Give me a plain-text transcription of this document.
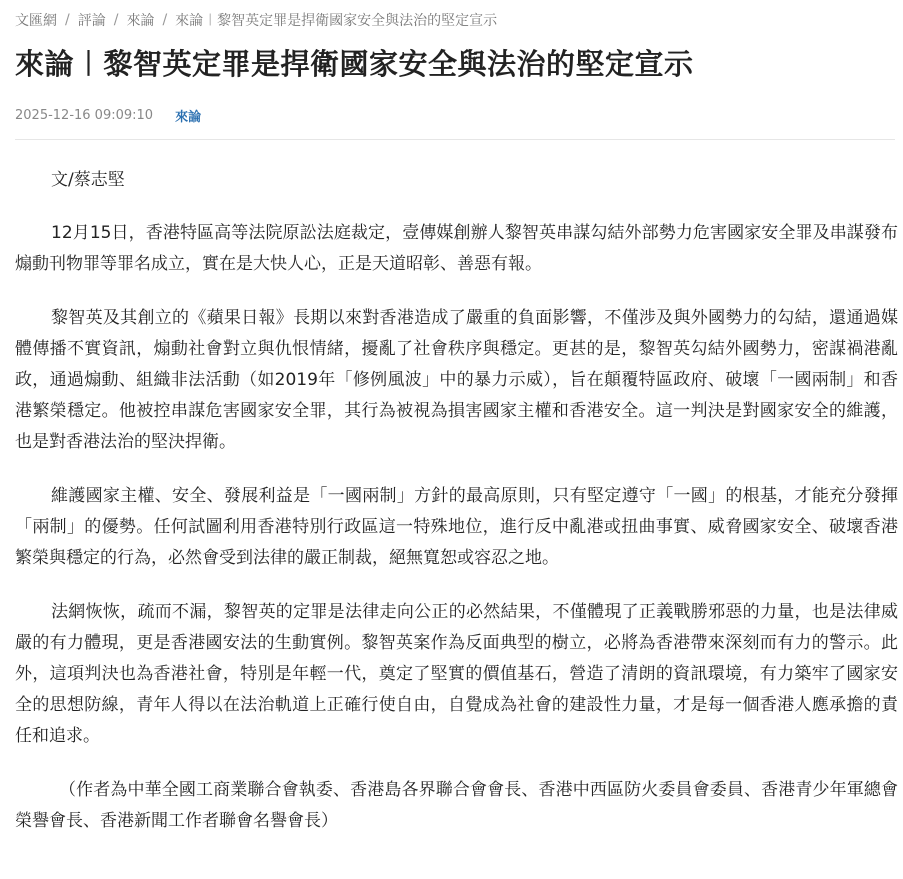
文匯網 / 評論 / 來論 / 來論︱黎智英定罪是捍衛國家安全與法治的堅定宣示
來論︱黎智英定罪是捍衛國家安全與法治的堅定宣示
2025-12-16 09:09:10 來論

文/蔡志堅

12月15日，香港特區高等法院原訟法庭裁定，壹傳媒創辦人黎智英串謀勾結外部勢力危害國家安全罪及串謀發布煽動刊物罪等罪名成立，實在是大快人心，正是天道昭彰、善惡有報。

黎智英及其創立的《蘋果日報》長期以來對香港造成了嚴重的負面影響，不僅涉及與外國勢力的勾結，還通過媒體傳播不實資訊，煽動社會對立與仇恨情緒，擾亂了社會秩序與穩定。更甚的是，黎智英勾結外國勢力，密謀禍港亂政，通過煽動、組織非法活動（如2019年「修例風波」中的暴力示威），旨在顛覆特區政府、破壞「一國兩制」和香港繁榮穩定。他被控串謀危害國家安全罪，其行為被視為損害國家主權和香港安全。這一判決是對國家安全的維護，也是對香港法治的堅決捍衛。

維護國家主權、安全、發展利益是「一國兩制」方針的最高原則，只有堅定遵守「一國」的根基，才能充分發揮「兩制」的優勢。任何試圖利用香港特別行政區這一特殊地位，進行反中亂港或扭曲事實、威脅國家安全、破壞香港繁榮與穩定的行為，必然會受到法律的嚴正制裁，絕無寬恕或容忍之地。

法網恢恢，疏而不漏，黎智英的定罪是法律走向公正的必然結果，不僅體現了正義戰勝邪惡的力量，也是法律威嚴的有力體現，更是香港國安法的生動實例。黎智英案作為反面典型的樹立，必將為香港帶來深刻而有力的警示。此外，這項判決也為香港社會，特別是年輕一代，奠定了堅實的價值基石，營造了清朗的資訊環境，有力築牢了國家安全的思想防線，青年人得以在法治軌道上正確行使自由，自覺成為社會的建設性力量，才是每一個香港人應承擔的責任和追求。

（作者為中華全國工商業聯合會執委、香港島各界聯合會會長、香港中西區防火委員會委員、香港青少年軍總會榮譽會長、香港新聞工作者聯會名譽會長）
